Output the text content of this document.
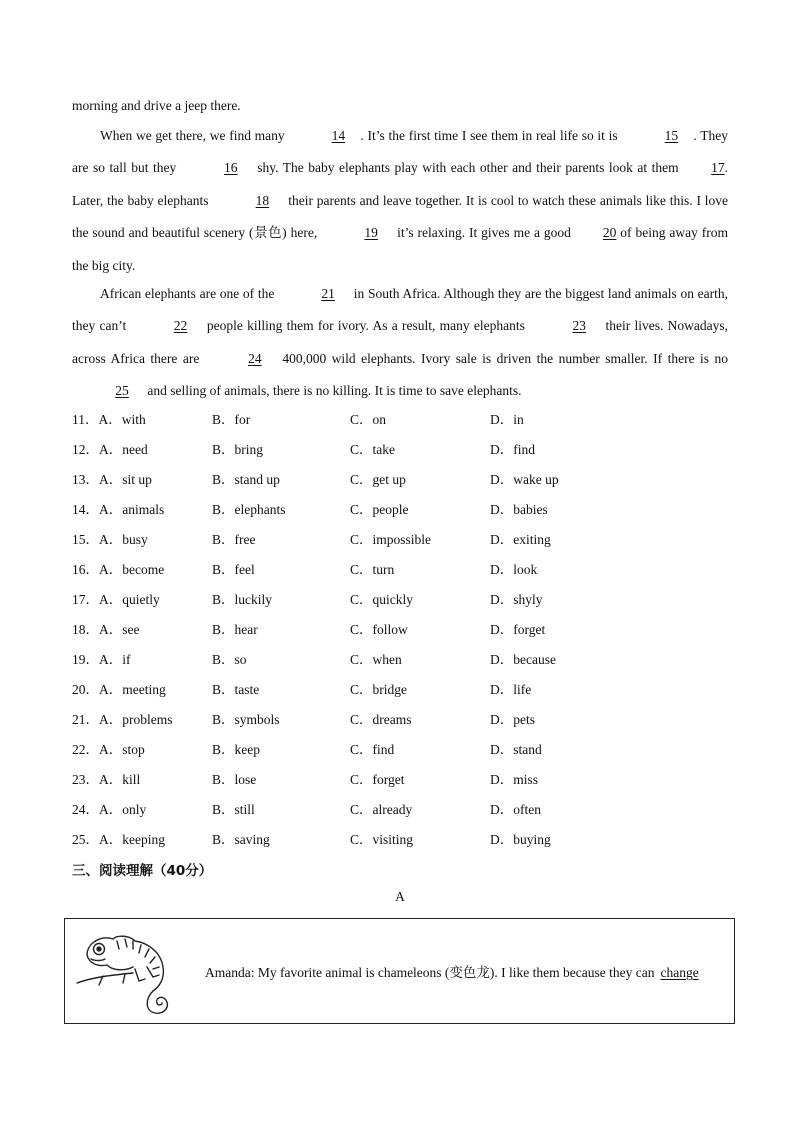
morning and drive a jeep there.

When we get there, we find many	14 . It’s the first time I see them in real life so it is	15 . They are so tall but they	16 shy. The baby elephants play with each other and their parents look at them 17. Later, the baby elephants	18 their parents and leave together. It is cool to watch these animals like this. I love the sound and beautiful scenery (景色) here,	19 it’s relaxing. It gives me a good 20 of being away from the big city.

African elephants are one of the	21 in South Africa. Although they are the biggest land animals on earth, they can’t	22 people killing them for ivory. As a result, many elephants	23 their lives. Nowadays, across Africa there are	24 400,000 wild elephants. Ivory sale is driven the number smaller. If there is no 25 and selling of animals, there is no killing. It is time to save elephants.

11．A．with	B．for	C．on	D．in
12．A．need	B．bring	C．take	D．find
13．A．sit up	B．stand up	C．get up	D．wake up
14．A．animals	B．elephants	C．people	D．babies
15．A．busy	B．free	C．impossible	D．exiting
16．A．become	B．feel	C．turn	D．look
17．A．quietly	B．luckily	C．quickly	D．shyly
18．A．see	B．hear	C．follow	D．forget
19．A．if	B．so	C．when	D．because
20．A．meeting	B．taste	C．bridge	D．life
21．A．problems	B．symbols	C．dreams	D．pets
22．A．stop	B．keep	C．find	D．stand
23．A．kill	B．lose	C．forget	D．miss
24．A．only	B．still	C．already	D．often
25．A．keeping	B．saving	C．visiting	D．buying
三、阅读理解（40分）
A
Amanda: My favorite animal is chameleons (变色龙). I like them because they can change
